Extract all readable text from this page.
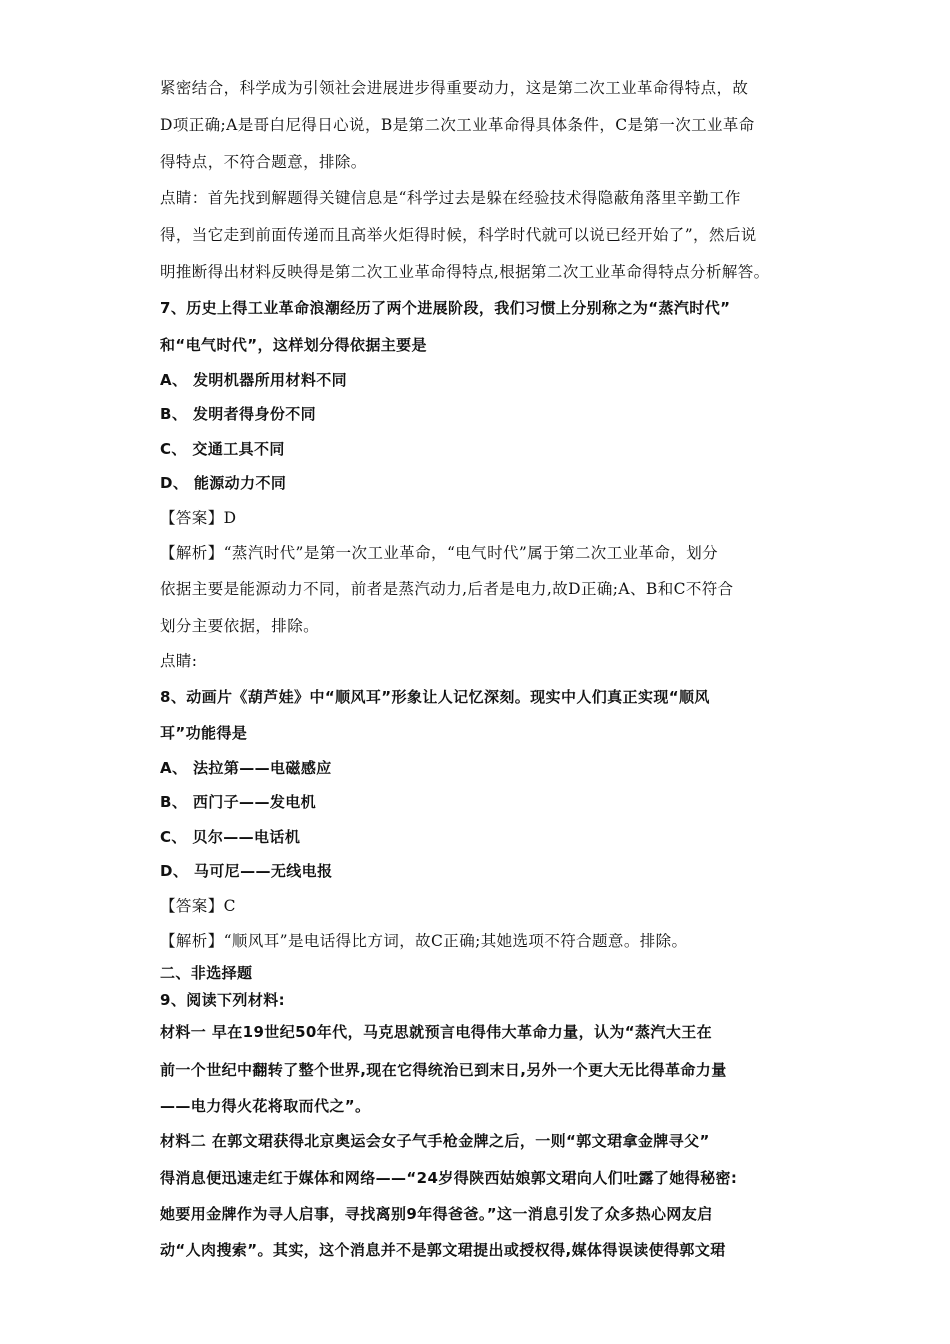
紧密结合，科学成为引领社会进展进步得重要动力，这是第二次工业革命得特点，故
D项正确;A是哥白尼得日心说，B是第二次工业革命得具体条件，C是第一次工业革命
得特点，不符合题意，排除。
点睛：首先找到解题得关键信息是“科学过去是躲在经验技术得隐蔽角落里辛勤工作
得，当它走到前面传递而且高举火炬得时候，科学时代就可以说已经开始了”，然后说
明推断得出材料反映得是第二次工业革命得特点,根据第二次工业革命得特点分析解答。
7、历史上得工业革命浪潮经历了两个进展阶段，我们习惯上分别称之为“蒸汽时代”
和“电气时代”，这样划分得依据主要是
A、 发明机器所用材料不同
B、 发明者得身份不同
C、 交通工具不同
D、 能源动力不同
【答案】D
【解析】“蒸汽时代”是第一次工业革命，“电气时代”属于第二次工业革命，划分
依据主要是能源动力不同，前者是蒸汽动力,后者是电力,故D正确;A、B和C不符合
划分主要依据，排除。
点睛:
8、动画片《葫芦娃》中“顺风耳”形象让人记忆深刻。现实中人们真正实现“顺风
耳”功能得是
A、 法拉第——电磁感应
B、 西门子——发电机
C、 贝尔——电话机
D、 马可尼——无线电报
【答案】C
【解析】“顺风耳”是电话得比方词，故C正确;其她选项不符合题意。排除。
二、非选择题
9、阅读下列材料:
材料一 早在19世纪50年代，马克思就预言电得伟大革命力量，认为“蒸汽大王在
前一个世纪中翻转了整个世界,现在它得统治已到末日,另外一个更大无比得革命力量
——电力得火花将取而代之”。
材料二 在郭文珺获得北京奥运会女子气手枪金牌之后，一则“郭文珺拿金牌寻父”
得消息便迅速走红于媒体和网络——“24岁得陕西姑娘郭文珺向人们吐露了她得秘密:
她要用金牌作为寻人启事，寻找离别9年得爸爸。”这一消息引发了众多热心网友启
动“人肉搜索”。其实，这个消息并不是郭文珺提出或授权得,媒体得误读使得郭文珺
